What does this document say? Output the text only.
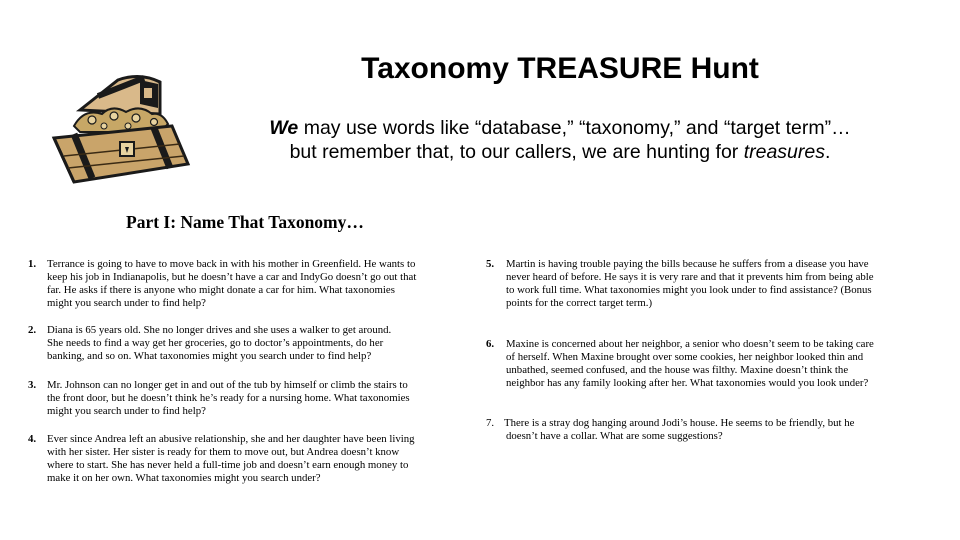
Taxonomy TREASURE Hunt
We may use words like “database,” “taxonomy,” and “target term”…
but remember that, to our callers, we are hunting for treasures.
Part I: Name That Taxonomy…
1. Terrance is going to have to move back in with his mother in Greenfield. He wants to
keep his job in Indianapolis, but he doesn’t have a car and IndyGo doesn’t go out that
far. He asks if there is anyone who might donate a car for him. What taxonomies
might you search under to find help?
2. Diana is 65 years old. She no longer drives and she uses a walker to get around.
She needs to find a way get her groceries, go to doctor’s appointments, do her
banking, and so on. What taxonomies might you search under to find help?
3. Mr. Johnson can no longer get in and out of the tub by himself or climb the stairs to
the front door, but he doesn’t think he’s ready for a nursing home. What taxonomies
might you search under to find help?
4. Ever since Andrea left an abusive relationship, she and her daughter have been living
with her sister. Her sister is ready for them to move out, but Andrea doesn’t know
where to start. She has never held a full-time job and doesn’t earn enough money to
make it on her own. What taxonomies might you search under?
5. Martin is having trouble paying the bills because he suffers from a disease you have
never heard of before. He says it is very rare and that it prevents him from being able
to work full time. What taxonomies might you look under to find assistance? (Bonus
points for the correct target term.)
6. Maxine is concerned about her neighbor, a senior who doesn’t seem to be taking care
of herself. When Maxine brought over some cookies, her neighbor looked thin and
unbathed, seemed confused, and the house was filthy. Maxine doesn’t think the
neighbor has any family looking after her. What taxonomies would you look under?
7. There is a stray dog hanging around Jodi’s house. He seems to be friendly, but he
doesn’t have a collar. What are some suggestions?
